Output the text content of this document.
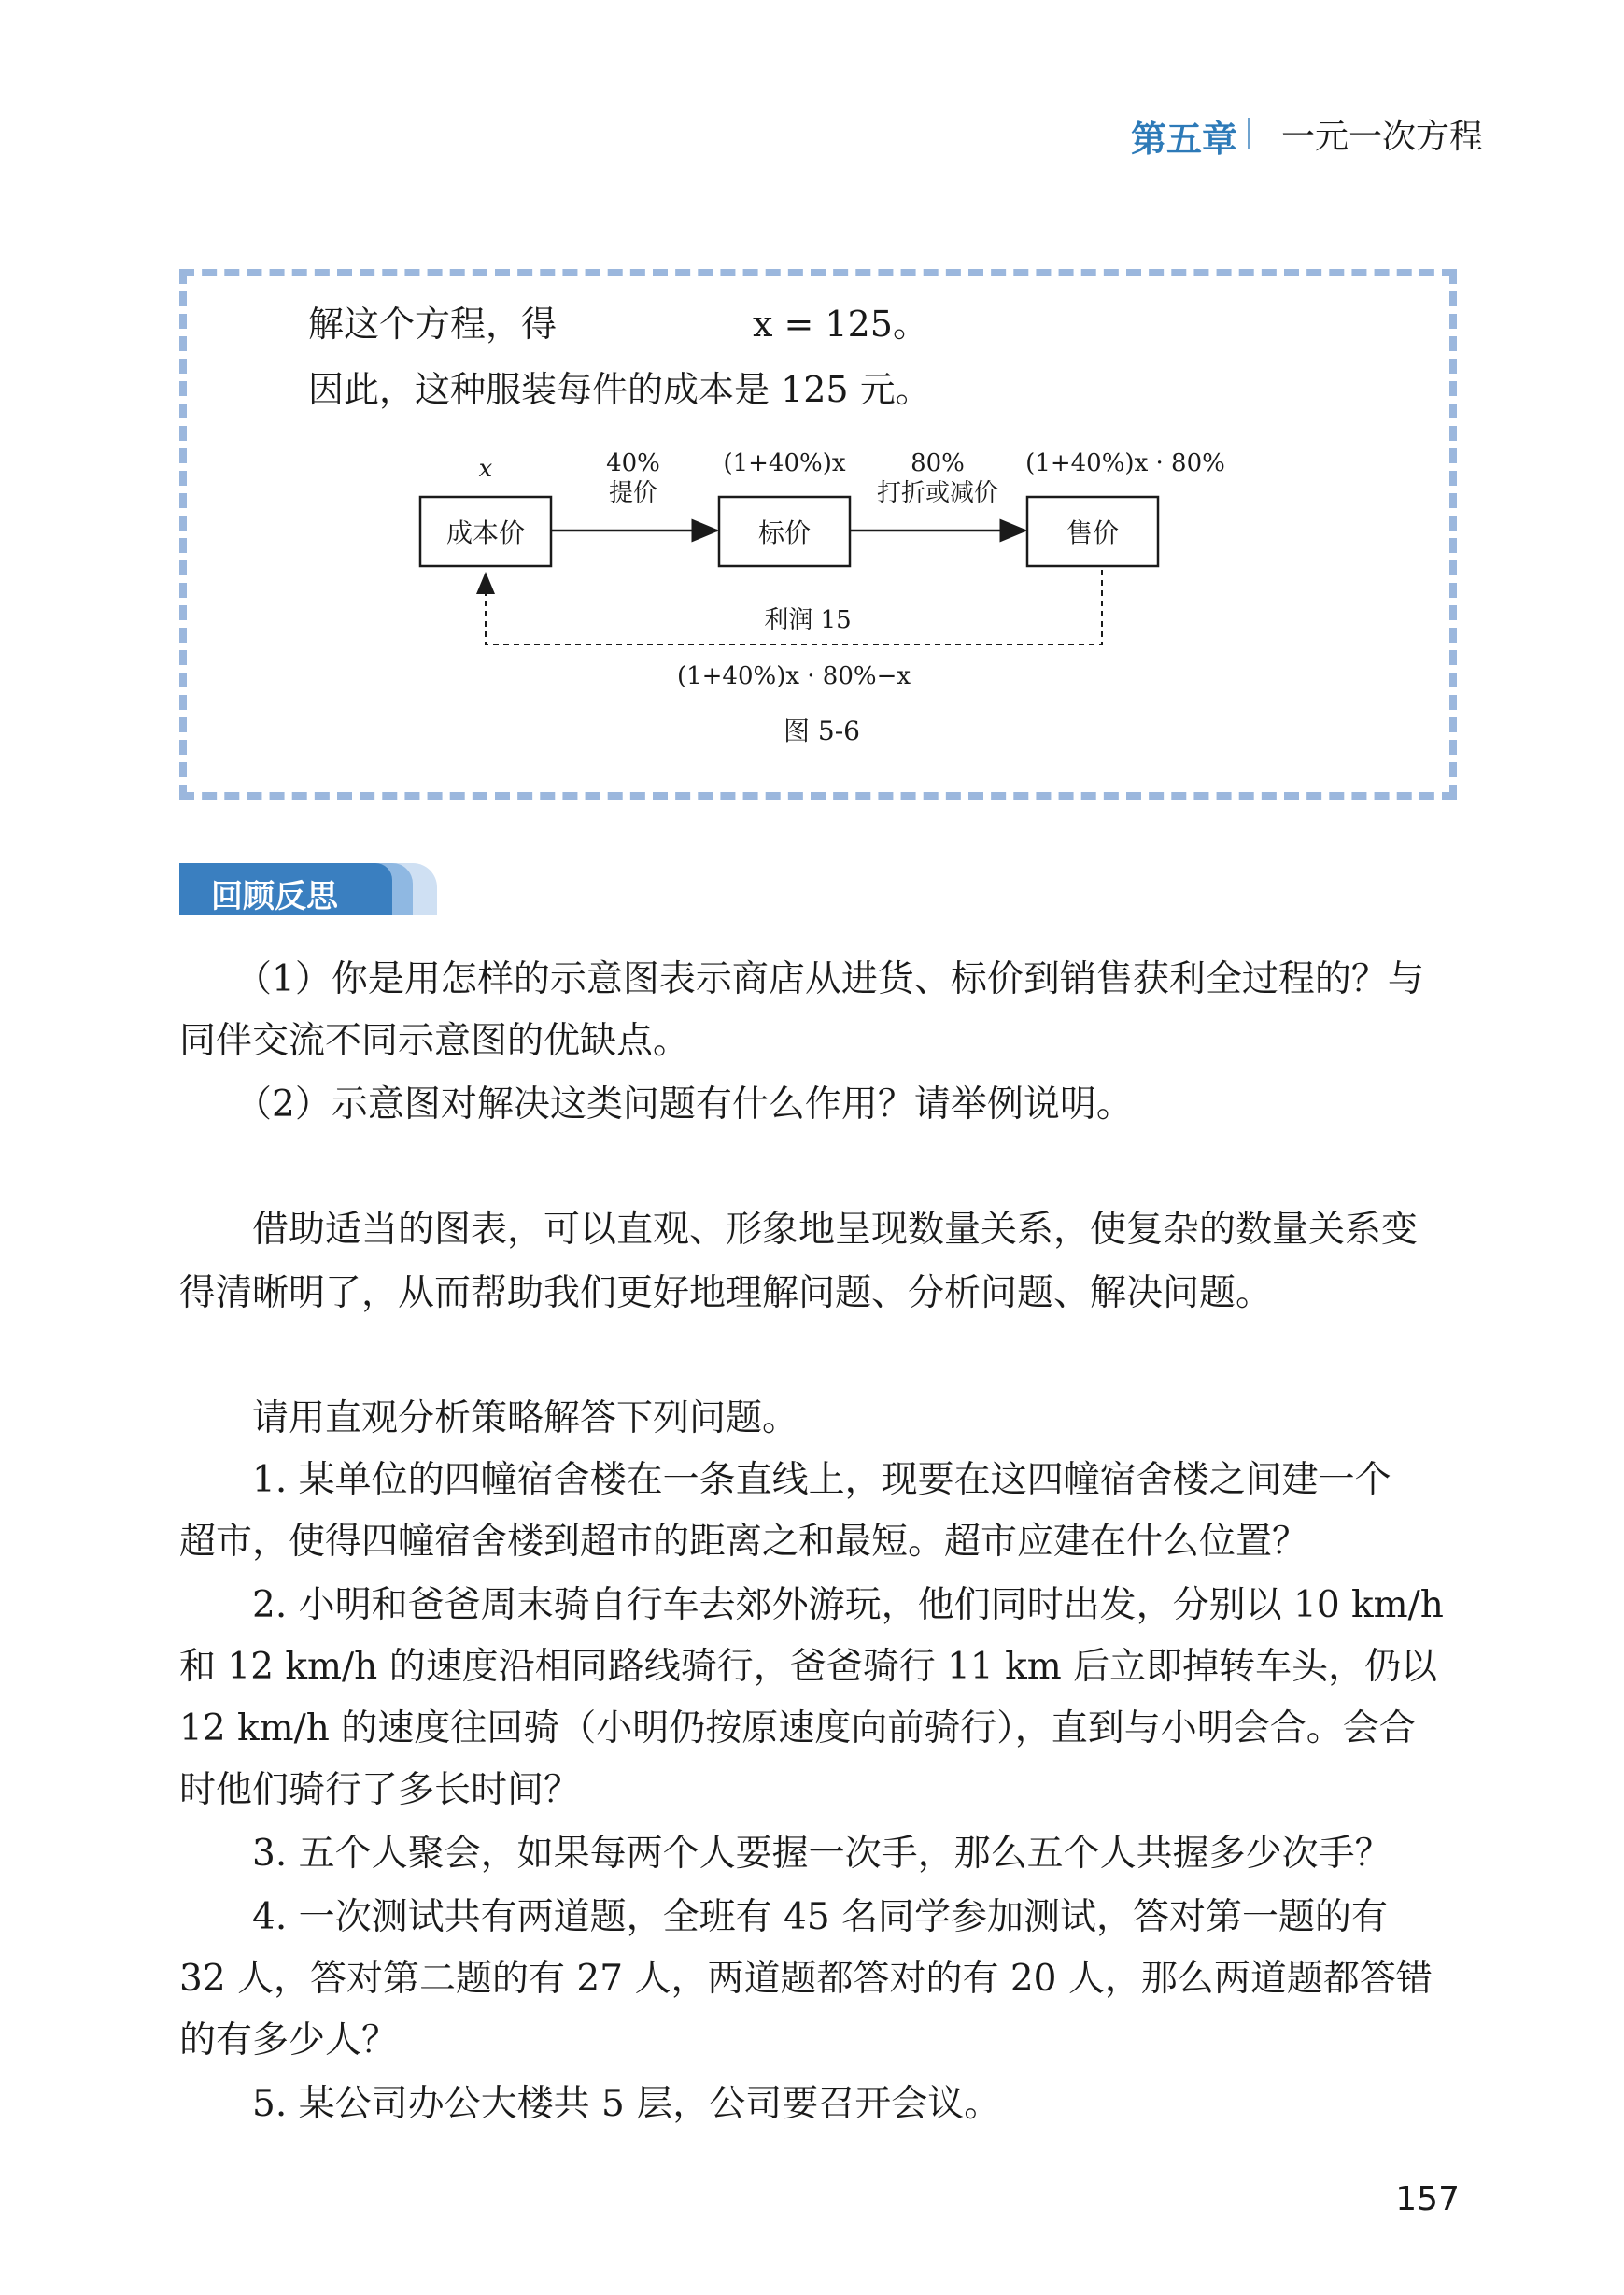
第五章 一元一次方程
解这个方程，得	x = 125。
因此，这种服装每件的成本是 125 元。
成本价	标价	售价
x	40%
提价
(1+40%)x	80%
打折或减价
(1+40%)x · 80%
利润 15
(1+40%)x · 80%−x
图 5-6
回顾反思
（1）你是用怎样的示意图表示商店从进货、标价到销售获利全过程的？与
同伴交流不同示意图的优缺点。
（2）示意图对解决这类问题有什么作用？请举例说明。
借助适当的图表，可以直观、形象地呈现数量关系，使复杂的数量关系变
得清晰明了，从而帮助我们更好地理解问题、分析问题、解决问题。
请用直观分析策略解答下列问题。
1. 某单位的四幢宿舍楼在一条直线上，现要在这四幢宿舍楼之间建一个
超市，使得四幢宿舍楼到超市的距离之和最短。超市应建在什么位置？
2. 小明和爸爸周末骑自行车去郊外游玩，他们同时出发，分别以 10 km/h
和 12 km/h 的速度沿相同路线骑行，爸爸骑行 11 km 后立即掉转车头，仍以
12 km/h 的速度往回骑（小明仍按原速度向前骑行），直到与小明会合。会合
时他们骑行了多长时间？
3. 五个人聚会，如果每两个人要握一次手，那么五个人共握多少次手？
4. 一次测试共有两道题，全班有 45 名同学参加测试，答对第一题的有
32 人，答对第二题的有 27 人，两道题都答对的有 20 人，那么两道题都答错
的有多少人？
5. 某公司办公大楼共 5 层，公司要召开会议。
157
